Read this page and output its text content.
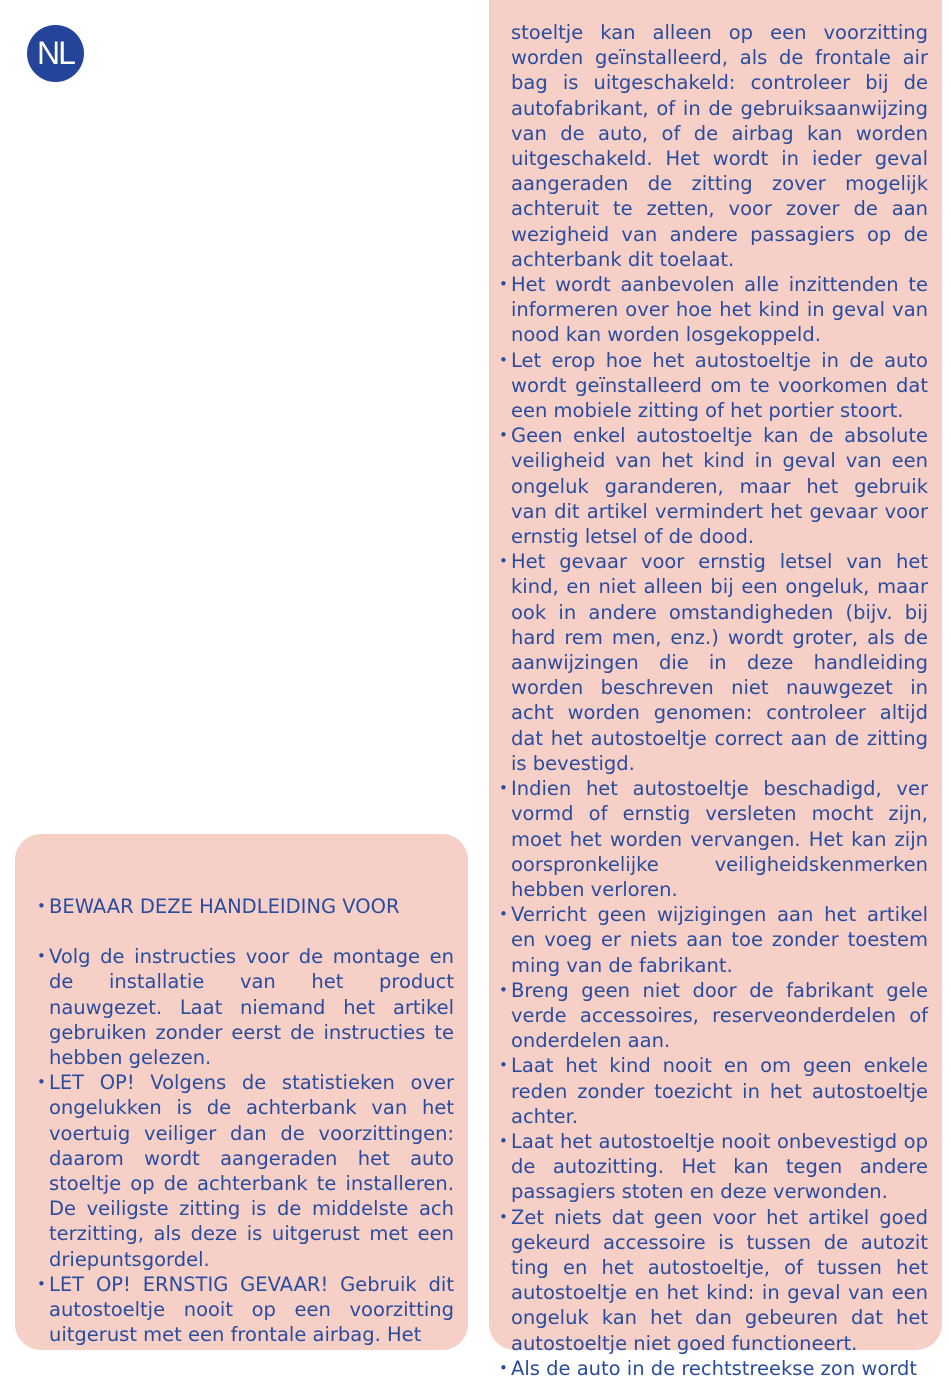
NL
• BEWAAR DEZE HANDLEIDING VOOR
• Volg de instructies voor de montage en de installatie van het product nauwgezet. Laat niemand het artikel gebruiken zonder eerst de instructies te hebben gelezen.
• LET OP! Volgens de statistieken over ongelukken is de achterbank van het voertuig veiliger dan de voorzittingen: daarom wordt aangeraden het auto stoeltje op de achterbank te installeren. De veiligste zitting is de middelste ach terzitting, als deze is uitgerust met een driepuntsgordel.
• LET OP! ERNSTIG GEVAAR! Gebruik dit autostoeltje nooit op een voorzitting uitgerust met een frontale airbag. Het
stoeltje kan alleen op een voorzitting worden geïnstalleerd, als de frontale air bag is uitgeschakeld: controleer bij de autofabrikant, of in de gebruiksaanwijzing van de auto, of de airbag kan worden uitgeschakeld. Het wordt in ieder geval aangeraden de zitting zover mogelijk achteruit te zetten, voor zover de aan wezigheid van andere passagiers op de achterbank dit toelaat.
• Het wordt aanbevolen alle inzittenden te informeren over hoe het kind in geval van nood kan worden losgekoppeld.
• Let erop hoe het autostoeltje in de auto wordt geïnstalleerd om te voorkomen dat een mobiele zitting of het portier stoort.
• Geen enkel autostoeltje kan de absolute veiligheid van het kind in geval van een ongeluk garanderen, maar het gebruik van dit artikel vermindert het gevaar voor ernstig letsel of de dood.
• Het gevaar voor ernstig letsel van het kind, en niet alleen bij een ongeluk, maar ook in andere omstandigheden (bijv. bij hard rem men, enz.) wordt groter, als de aanwijzingen die in deze handleiding worden beschreven niet nauwgezet in acht worden genomen: controleer altijd dat het autostoeltje correct aan de zitting is bevestigd.
• Indien het autostoeltje beschadigd, ver vormd of ernstig versleten mocht zijn, moet het worden vervangen. Het kan zijn oorspronkelijke veiligheidskenmerken hebben verloren.
• Verricht geen wijzigingen aan het artikel en voeg er niets aan toe zonder toestem ming van de fabrikant.
• Breng geen niet door de fabrikant gele verde accessoires, reserveonderdelen of onderdelen aan.
• Laat het kind nooit en om geen enkele reden zonder toezicht in het autostoeltje achter.
• Laat het autostoeltje nooit onbevestigd op de autozitting. Het kan tegen andere passagiers stoten en deze verwonden.
• Zet niets dat geen voor het artikel goed gekeurd accessoire is tussen de autozit ting en het autostoeltje, of tussen het autostoeltje en het kind: in geval van een ongeluk kan het dan gebeuren dat het autostoeltje niet goed functioneert.
• Als de auto in de rechtstreekse zon wordt
